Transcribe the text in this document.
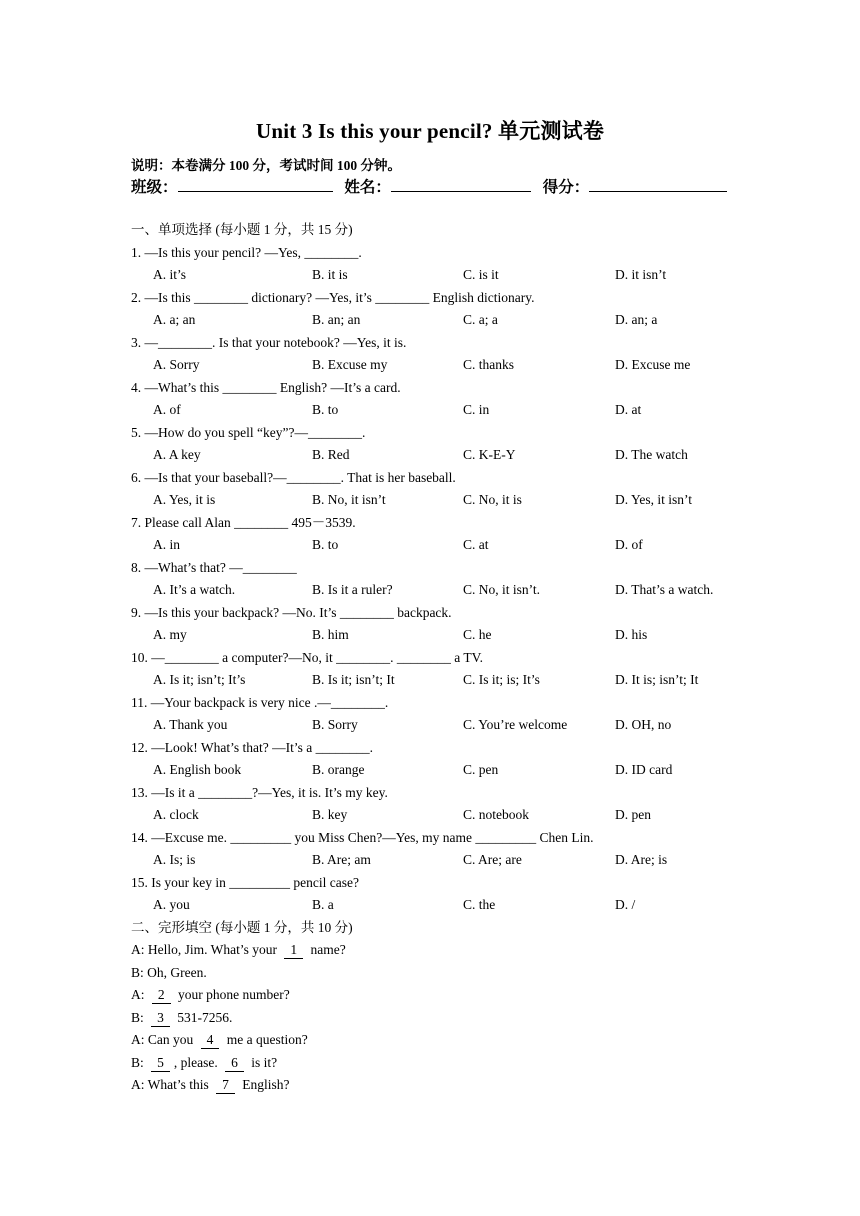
Unit 3 Is this your pencil? 单元测试卷
说明：本卷满分 100 分，考试时间 100 分钟。
班级：	姓名：	得分：
一、单项选择 (每小题 1 分，共 15 分)
1. —Is this your pencil? —Yes, ________.
A. it’s	B. it is	C. is it	D. it isn’t
2. —Is this ________ dictionary? —Yes, it’s ________ English dictionary.
A. a; an	B. an; an	C. a; a	D. an; a
3. —________. Is that your notebook? —Yes, it is.
A. Sorry	B. Excuse my	C. thanks	D. Excuse me
4. —What’s this ________ English? —It’s a card.
A. of	B. to	C. in	D. at
5. —How do you spell “key”?—________.
A. A key	B. Red	C. K-E-Y	D. The watch
6. —Is that your baseball?—________. That is her baseball.
A. Yes, it is	B. No, it isn’t	C. No, it is	D. Yes, it isn’t
7. Please call Alan ________ 495－3539.
A. in	B. to	C. at	D. of
8. —What’s that? —________
A. It’s a watch.	B. Is it a ruler?	C. No, it isn’t.	D. That’s a watch.
9. —Is this your backpack? —No. It’s ________ backpack.
A. my	B. him	C. he	D. his
10. —________ a computer?—No, it ________. ________ a TV.
A. Is it; isn’t; It’s	B. Is it; isn’t; It	C. Is it; is; It’s	D. It is; isn’t; It
11. —Your backpack is very nice .—________.
A. Thank you	B. Sorry	C. You’re welcome	D. OH, no
12. —Look! What’s that? —It’s a ________.
A. English book	B. orange	C. pen	D. ID card
13. —Is it a ________?—Yes, it is. It’s my key.
A. clock	B. key	C. notebook	D. pen
14. —Excuse me. _________ you Miss Chen?—Yes, my name _________ Chen Lin.
A. Is; is	B. Are; am	C. Are; are	D. Are; is
15. Is your key in _________ pencil case?
A. you	B. a	C. the	D. /
二、完形填空 (每小题 1 分，共 10 分)
A: Hello, Jim. What’s your 1 name?
B: Oh, Green.
A: 2 your phone number?
B: 3 531-7256.
A: Can you 4 me a question?
B: 5 , please. 6 is it?
A: What’s this 7 English?
